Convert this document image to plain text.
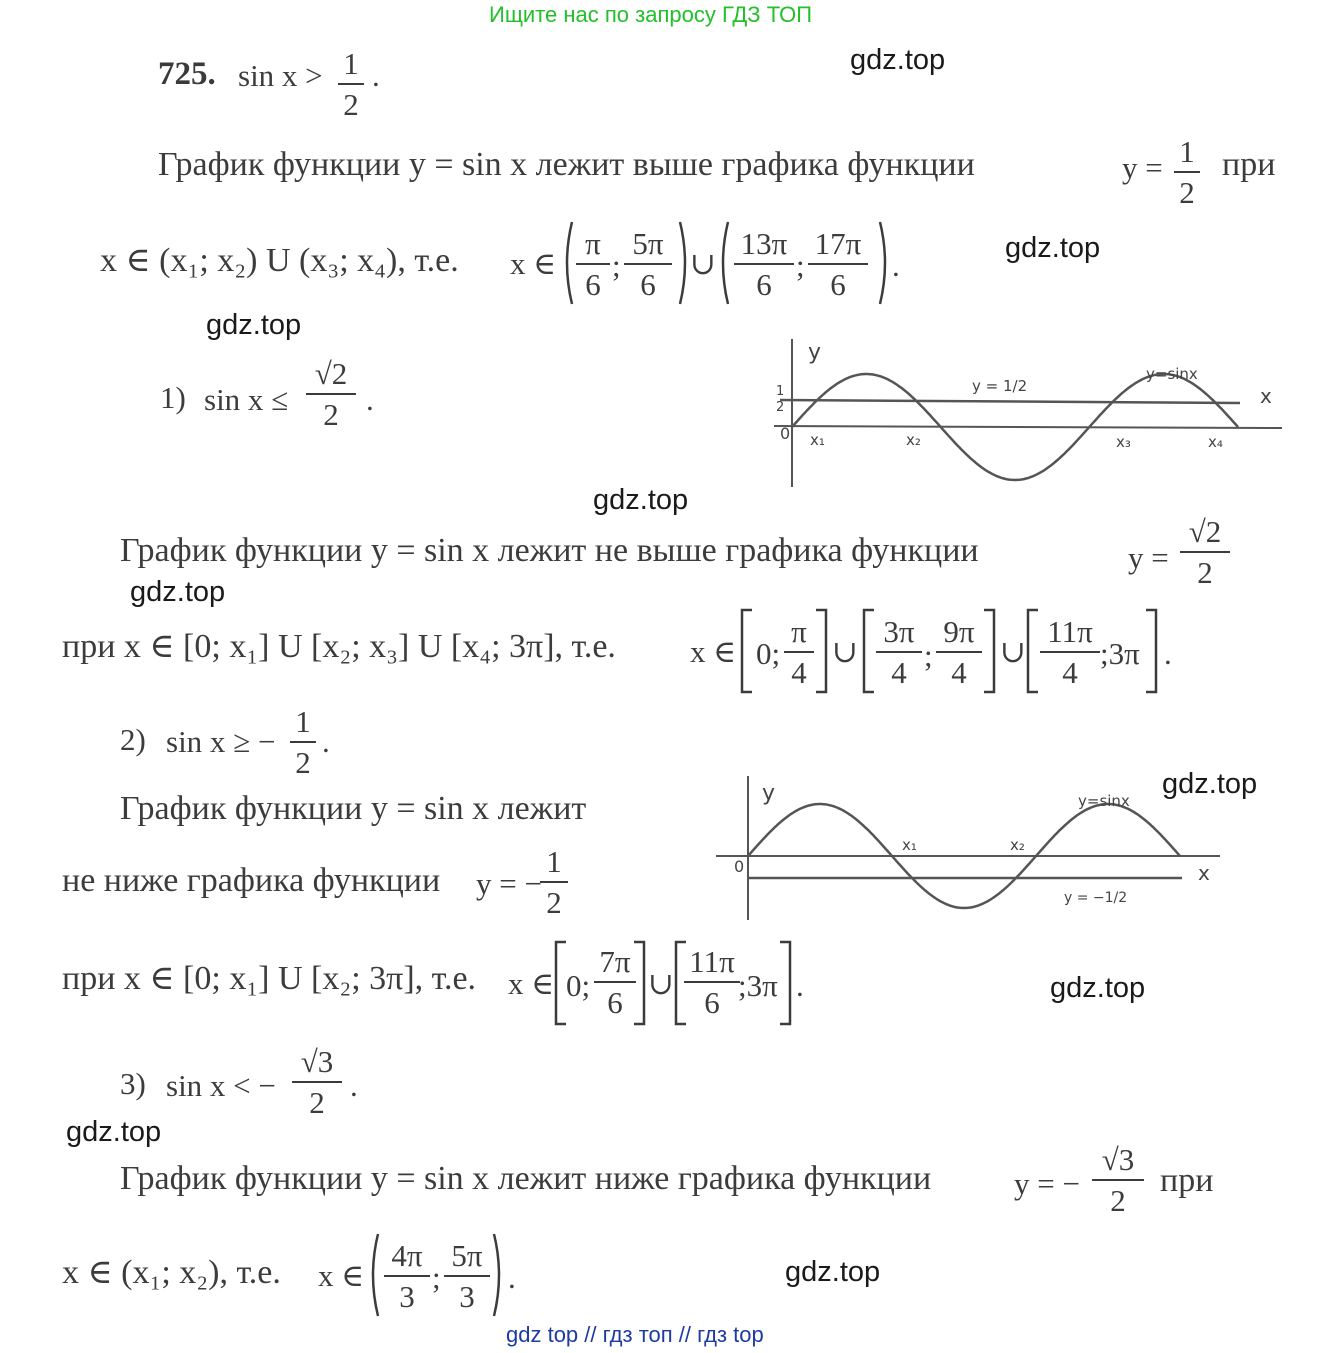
Ищите нас по запросу ГДЗ ТОП
gdz.top
gdz.top
gdz.top
gdz.top
gdz.top
gdz.top
gdz.top
gdz.top
gdz.top
725. sin x > 1
2
.
График функции y = sin x лежит выше графика функции	y = 1
2
при
x ∈ (x₁; x₂) U (x₃; x₄), т.е. x ∈
π
6
;
5π
6
∪
13π
6
;
17π
6
.
1) sin x ≤
√2
2 .
y
x
0
1
2
y = 1/2
y=sinx
x₁	x₂	x₃	x₄
График функции y = sin x лежит не выше графика функции	y =
√2
2
при x ∈ [0; x₁] U [x₂; x₃] U [x₄; 3π], т.е. x ∈ 0;
π
4
∪
3π
4 ;
9π
4
∪
11π
4
;3π .
2) sin x ≥ −
1
2
.
График функции y = sin x лежит
не ниже графика функции y = −
1
2
y
x
0
y = −1/2
y=sinx
x₁	x₂
при x ∈ [0; x₁] U [x₂; 3π], т.е. x ∈ 0;
7π
6
∪
11π
6 ;3π .
3) sin x < −
√3
2 .
График функции y = sin x лежит ниже графика функции	y = −
√3
2
при
x ∈ (x₁; x₂), т.е. x ∈
4π
3
;
5π
3
.
gdz top // гдз топ // гдз top
